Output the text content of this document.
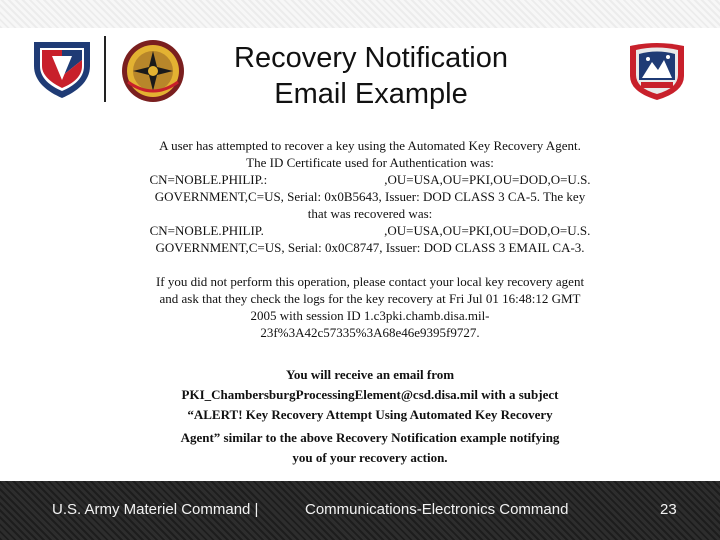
Recovery Notification
Email Example
A user has attempted to recover a key using the Automated Key Recovery Agent.
The ID Certificate used for Authentication was:
CN=NOBLE.PHILIP.:                                    ,OU=USA,OU=PKI,OU=DOD,O=U.S.
GOVERNMENT,C=US, Serial: 0x0B5643, Issuer: DOD CLASS 3 CA-5. The key
that was recovered was:
CN=NOBLE.PHILIP.                                     ,OU=USA,OU=PKI,OU=DOD,O=U.S.
GOVERNMENT,C=US, Serial: 0x0C8747, Issuer: DOD CLASS 3 EMAIL CA-3.
If you did not perform this operation, please contact your local key recovery agent
and ask that they check the logs for the key recovery at Fri Jul 01 16:48:12 GMT
2005 with session ID 1.c3pki.chamb.disa.mil-
23f%3A42c57335%3A68e46e9395f9727.
You will receive an email from
PKI_ChambersburgProcessingElement@csd.disa.mil with a subject
“ALERT! Key Recovery Attempt Using Automated Key Recovery
Agent” similar to the above Recovery Notification example notifying
you of your recovery action.
U.S. Army Materiel Command |	Communications-Electronics Command	23
